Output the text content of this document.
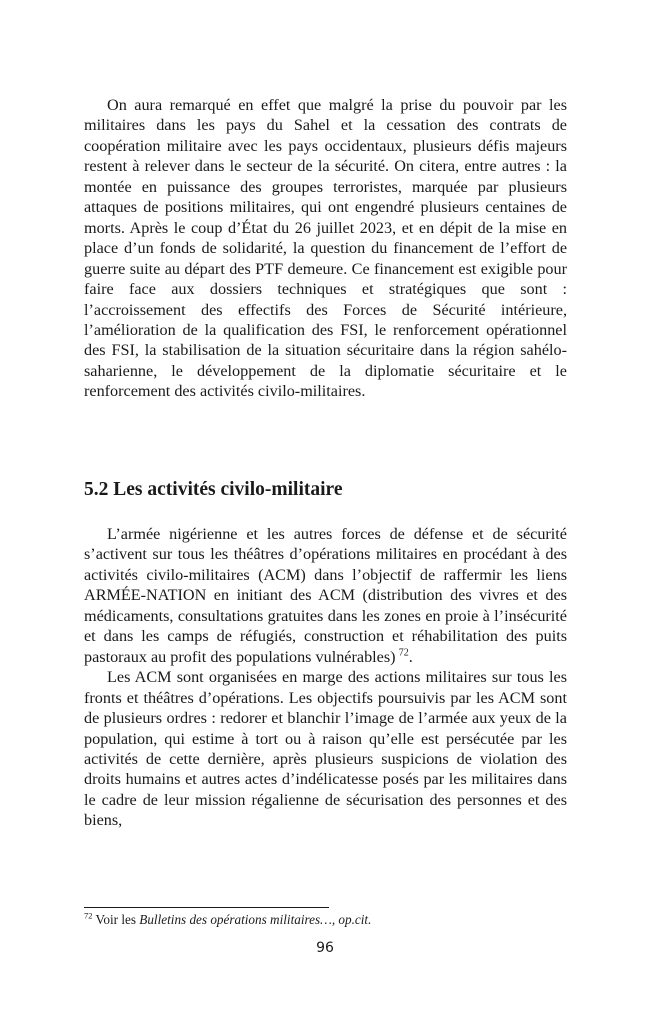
On aura remarqué en effet que malgré la prise du pouvoir par les militaires dans les pays du Sahel et la cessation des contrats de coopération militaire avec les pays occidentaux, plusieurs défis majeurs restent à relever dans le secteur de la sécurité. On citera, entre autres : la montée en puissance des groupes terroristes, marquée par plusieurs attaques de positions militaires, qui ont engendré plusieurs centaines de morts. Après le coup d’État du 26 juillet 2023, et en dépit de la mise en place d’un fonds de solidarité, la question du financement de l’effort de guerre suite au départ des PTF demeure. Ce financement est exigible pour faire face aux dossiers techniques et stratégiques que sont : l’accroissement des effectifs des Forces de Sécurité intérieure, l’amélioration de la qualification des FSI, le renforcement opérationnel des FSI, la stabilisation de la situation sécuritaire dans la région sahélo-saharienne, le développement de la diplomatie sécuritaire et le renforcement des activités civilo-militaires.

5.2 Les activités civilo-militaire

L’armée nigérienne et les autres forces de défense et de sécurité s’activent sur tous les théâtres d’opérations militaires en procédant à des activités civilo-militaires (ACM) dans l’objectif de raffermir les liens ARMÉE-NATION en initiant des ACM (distribution des vivres et des médicaments, consultations gratuites dans les zones en proie à l’insécurité et dans les camps de réfugiés, construction et réhabilitation des puits pastoraux au profit des populations vulnérables)  $^{72}$.

Les ACM sont organisées en marge des actions militaires sur tous les fronts et théâtres d’opérations. Les objectifs poursuivis par les ACM sont de plusieurs ordres : redorer et blanchir l’image de l’armée aux yeux de la population, qui estime à tort ou à raison qu’elle est persécutée par les activités de cette dernière, après plusieurs suspicions de violation des droits humains et autres actes d’indélicatesse posés par les militaires dans le cadre de leur mission régalienne de sécurisation des personnes et des biens,

$^{72}$ Voir les Bulletins des opérations militaires…, op.cit.

96
